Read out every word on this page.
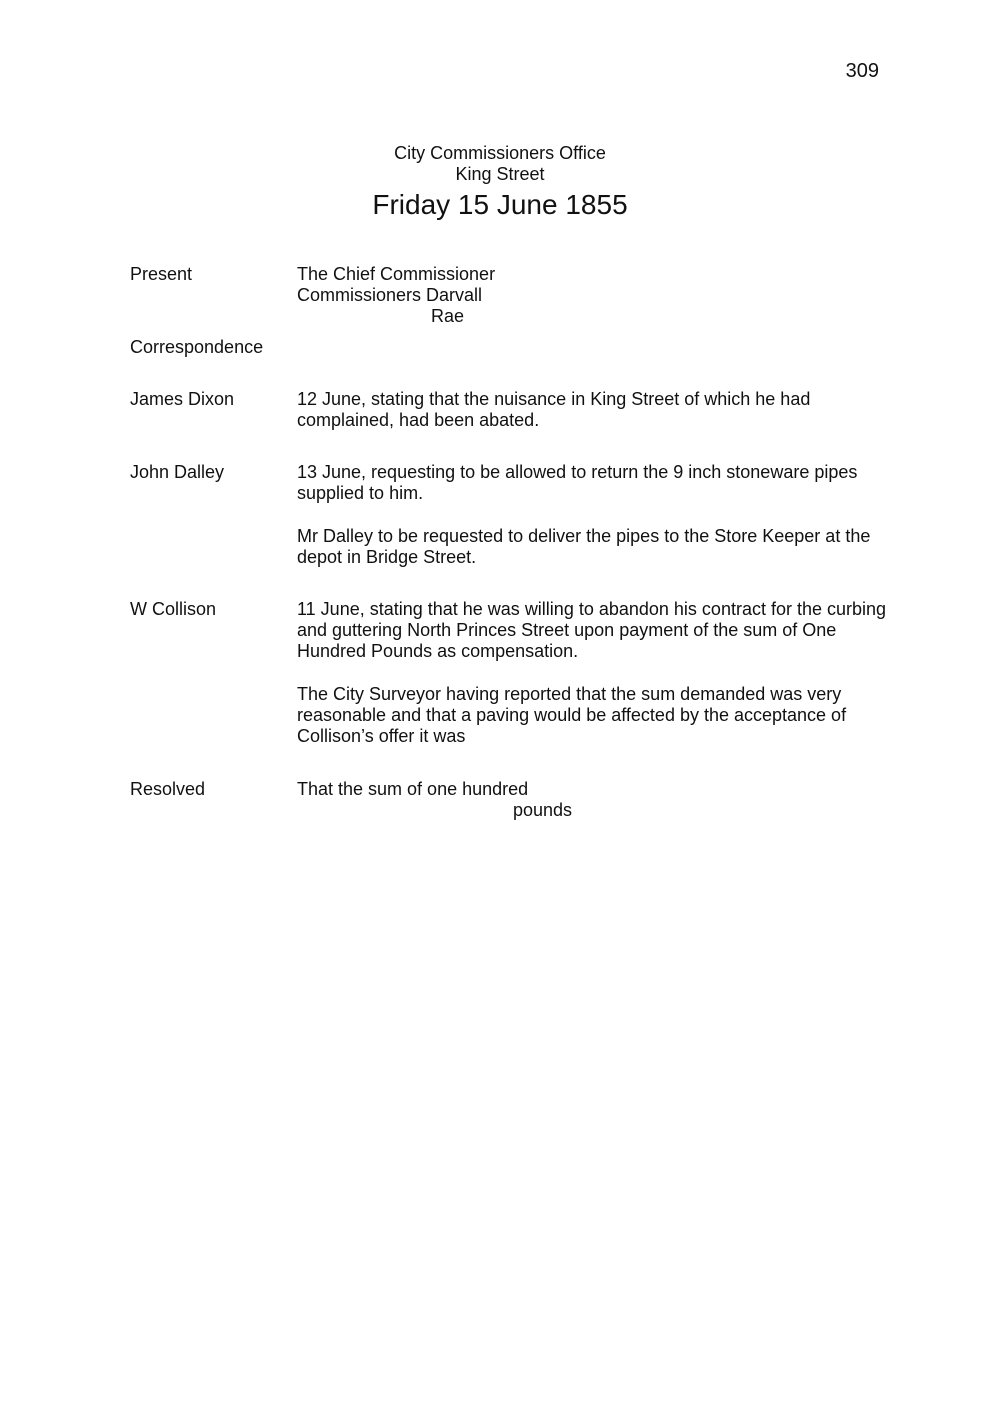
309
City Commissioners Office
King Street
Friday 15 June 1855
Present	The Chief Commissioner
Commissioners Darvall
Rae
Correspondence
James Dixon	12 June, stating that the nuisance in King Street of which he had complained, had been abated.

John Dalley	13 June, requesting to be allowed to return the 9 inch stoneware pipes supplied to him.

Mr Dalley to be requested to deliver the pipes to the Store Keeper at the depot in Bridge Street.

W Collison	11 June, stating that he was willing to abandon his contract for the curbing and guttering North Princes Street upon payment of the sum of One Hundred Pounds as compensation.

The City Surveyor having reported that the sum demanded was very reasonable and that a paving would be affected by the acceptance of Collison’s offer it was

Resolved	That the sum of one hundred
pounds
